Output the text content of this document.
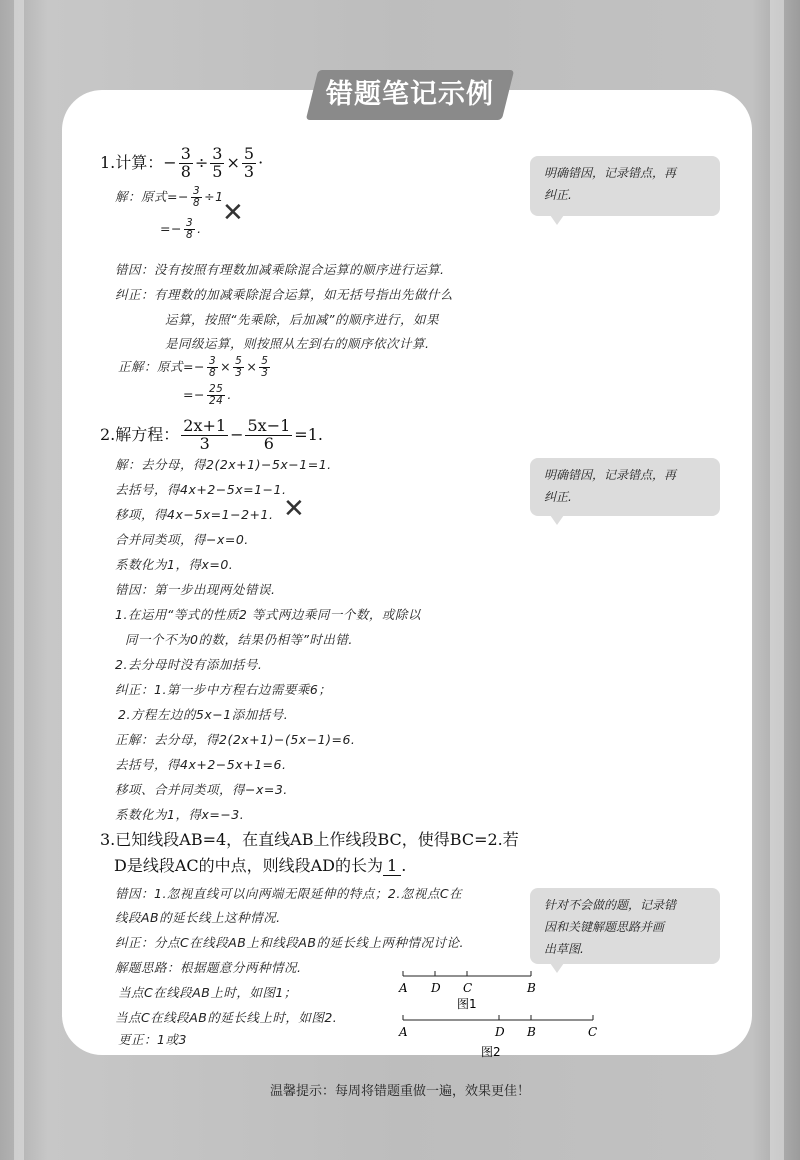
错题笔记示例
1.计算：− $\frac{3}{8} \div \frac{3}{5} \times \frac{5}{3}$ ·
解：原式=− $\frac{3}{8} \div 1$
=− $\frac{3}{8}$ .
✕
错因：没有按照有理数加减乘除混合运算的顺序进行运算.
纠正：有理数的加减乘除混合运算，如无括号指出先做什么
运算，按照“先乘除，后加减”的顺序进行，如果
是同级运算，则按照从左到右的顺序依次计算.
正解：原式=− $\frac{3}{8} \times \frac{5}{3} \times \frac{5}{3}$
=− $\frac{25}{24}$ .
明确错因，记录错点，再
纠正.
2.解方程： $\frac{2x+1}{3} - \frac{5x-1}{6} =1$.
解：去分母，得2(2x+1)−5x−1=1.
去括号，得4x+2−5x=1−1.
移项，得4x−5x=1−2+1. ✕
合并同类项，得−x=0.
系数化为1，得x=0.
错因：第一步出现两处错误.
1.在运用“等式的性质2 等式两边乘同一个数，或除以
同一个不为0的数，结果仍相等”时出错.
2.去分母时没有添加括号.
纠正：1.第一步中方程右边需要乘6；
2.方程左边的5x−1添加括号.
正解：去分母，得2(2x+1)−(5x−1)=6.
去括号，得4x+2−5x+1=6.
移项、合并同类项，得−x=3.
系数化为1，得x=−3.
明确错因，记录错点，再
纠正.
3.已知线段AB=4，在直线AB上作线段BC，使得BC=2.若
D是线段AC的中点，则线段AD的长为 1 .
错因：1.忽视直线可以向两端无限延伸的特点；2.忽视点C在
线段AB的延长线上这种情况.
纠正：分点C在线段AB上和线段AB的延长线上两种情况讨论.
解题思路：根据题意分两种情况.
当点C在线段AB上时，如图1；
当点C在线段AB的延长线上时，如图2.
更正：1或3
针对不会做的题，记录错
因和关键解题思路并画
出草图.
A D C	B
图1
A	D B	C
图2
温馨提示：每周将错题重做一遍，效果更佳！
